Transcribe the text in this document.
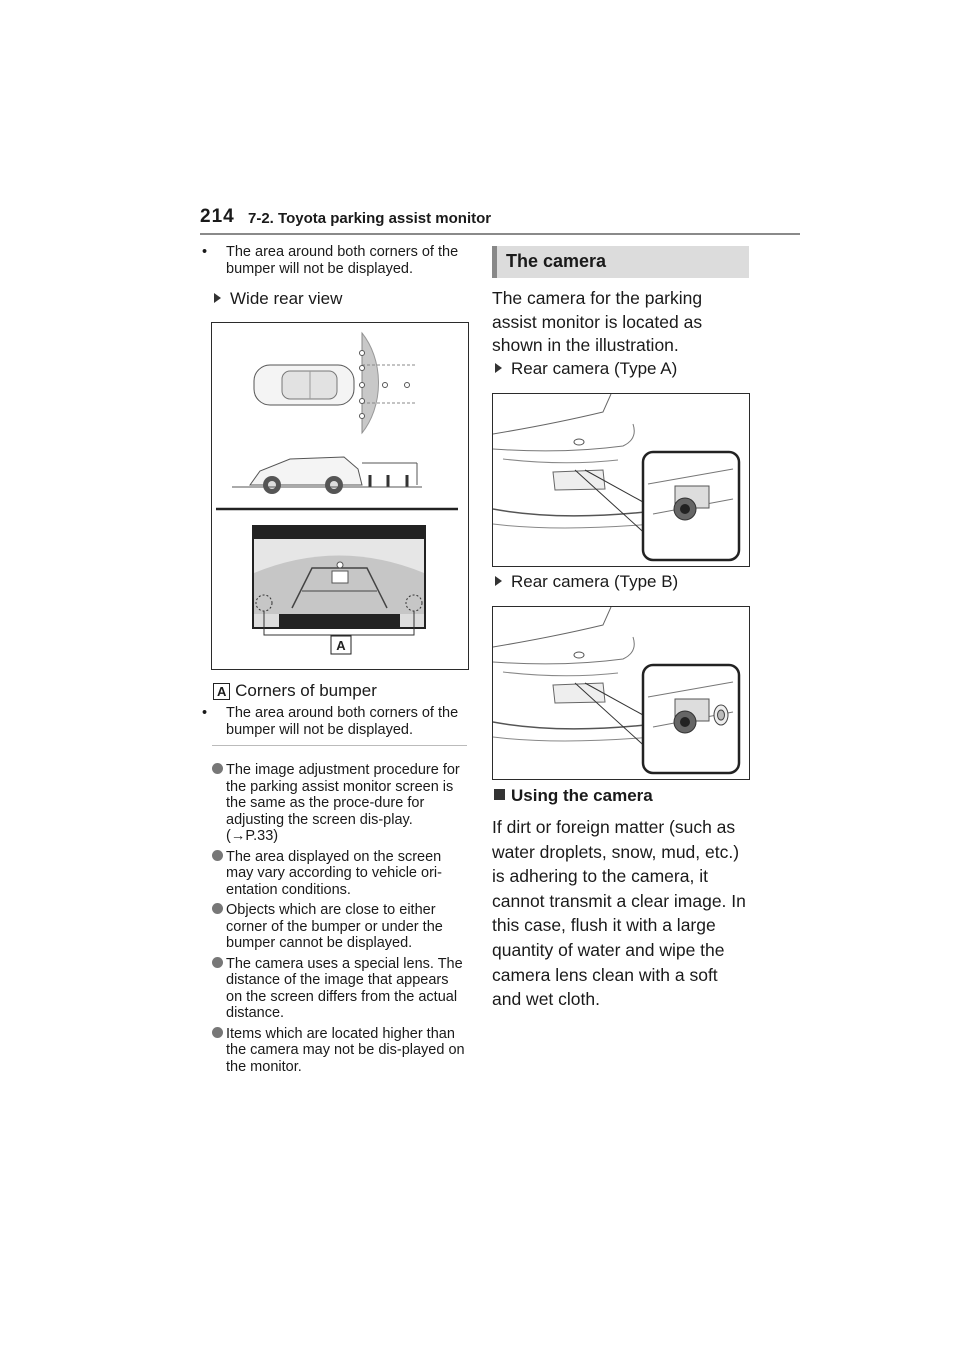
214 7-2. Toyota parking assist monitor
• The area around both corners of the bumper will not be displayed.
Wide rear view
A
A Corners of bumper
• The area around both corners of the bumper will not be displayed.
The image adjustment procedure for the parking assist monitor screen is the same as the proce-dure for adjusting the screen dis-play. (→P.33)
The area displayed on the screen may vary according to vehicle ori-entation conditions.
Objects which are close to either corner of the bumper or under the bumper cannot be displayed.
The camera uses a special lens. The distance of the image that appears on the screen differs from the actual distance.
Items which are located higher than the camera may not be dis-played on the monitor.
The camera
The camera for the parking assist monitor is located as shown in the illustration.
Rear camera (Type A)
Rear camera (Type B)
Using the camera
If dirt or foreign matter (such as water droplets, snow, mud, etc.) is adhering to the camera, it cannot transmit a clear image. In this case, flush it with a large quantity of water and wipe the camera lens clean with a soft and wet cloth.
